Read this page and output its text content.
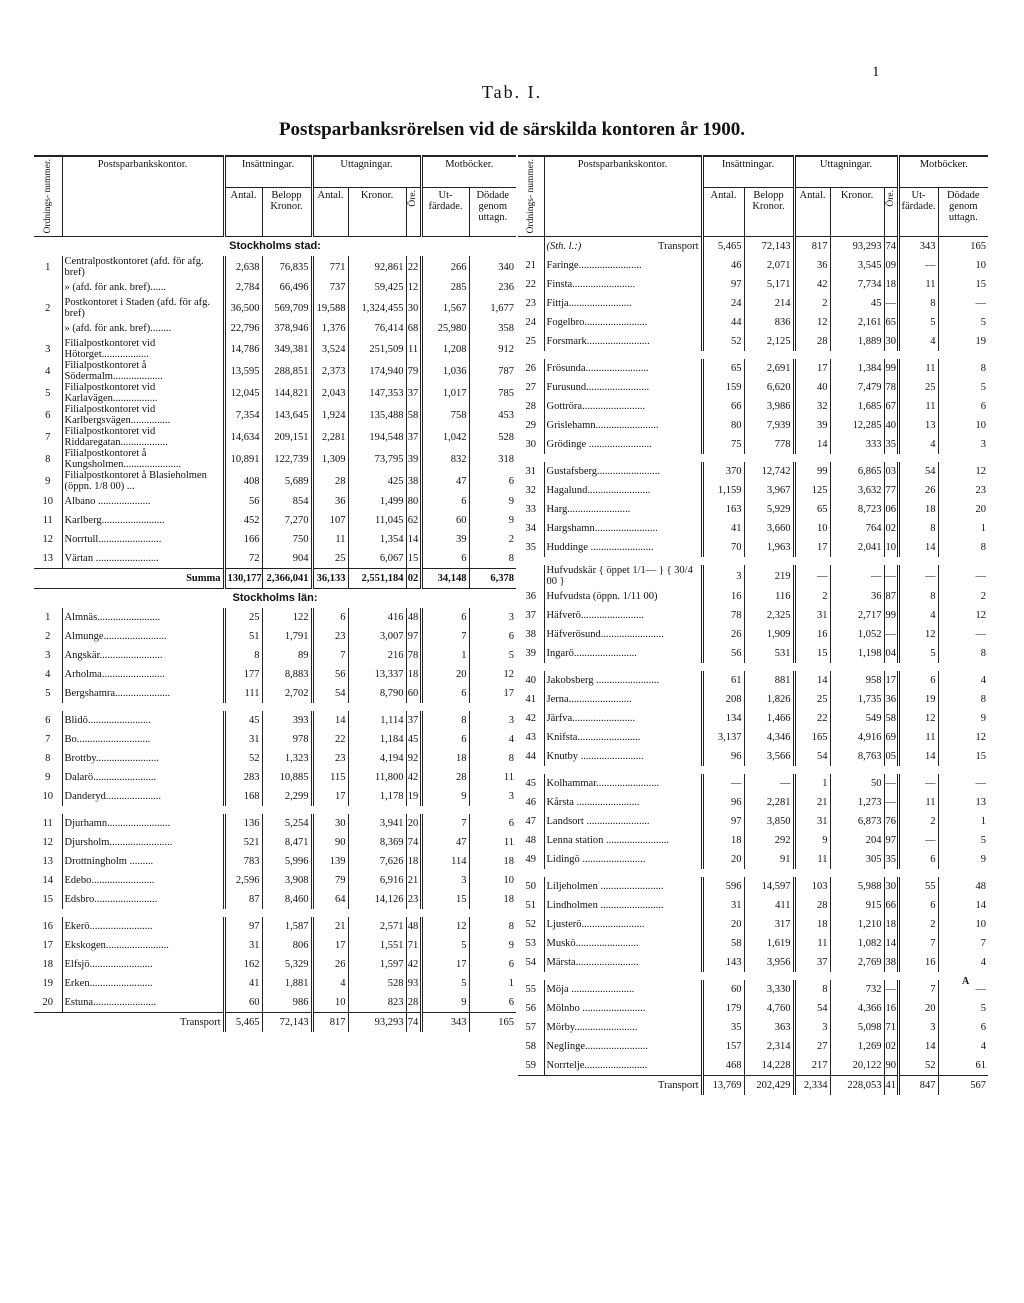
1
Tab. I.
Postsparbanksrörelsen vid de särskilda kontoren år 1900.
Ordnings- nummer.	Postsparbankskontor.	Insättningar.		Uttagningar.			Motböcker.	
		Antal.	Belopp Kronor.	Antal.	Kronor.	Öre.	Ut- färdade.	Dödade genom uttagn.
Stockholms stad:								
1	Centralpostkontoret (afd. för afg. bref)	2,638	76,835	771	92,861	22	266	340
	» (afd. för ank. bref)......	2,784	66,496	737	59,425	12	285	236
2	Postkontoret i Staden (afd. för afg. bref)	36,500	569,709	19,588	1,324,455	30	1,567	1,677
	» (afd. för ank. bref)........	22,796	378,946	1,376	76,414	68	25,980	358
3	Filialpostkontoret vid Hötorget..................	14,786	349,381	3,524	251,509	11	1,208	912
4	Filialpostkontoret å Södermalm...................	13,595	288,851	2,373	174,940	79	1,036	787
5	Filialpostkontoret vid Karlavägen.................	12,045	144,821	2,043	147,353	37	1,017	785
6	Filialpostkontoret vid Karlbergsvägen...............	7,354	143,645	1,924	135,488	58	758	453
7	Filialpostkontoret vid Riddaregatan..................	14,634	209,151	2,281	194,548	37	1,042	528
8	Filialpostkontoret å Kungsholmen......................	10,891	122,739	1,309	73,795	39	832	318
9	Filialpostkontoret å Blasieholmen (öppn. 1/8 00) ...	408	5,689	28	425	38	47	6
10	Albano ....................	56	854	36	1,499	80	6	9
11	Karlberg........................	452	7,270	107	11,045	62	60	9
12	Norrtull........................	166	750	11	1,354	14	39	2
13	Värtan ........................	72	904	25	6,067	15	6	8
Summa		130,177	2,366,041	36,133	2,551,184	02	34,148	6,378
Stockholms län:								
1	Almnäs........................	25	122	6	416	48	6	3
2	Almunge........................	51	1,791	23	3,007	97	7	6
3	Angskär........................	8	89	7	216	78	1	5
4	Arholma........................	177	8,883	56	13,337	18	20	12
5	Bergshamra.....................	111	2,702	54	8,790	60	6	17

6	Blidö........................	45	393	14	1,114	37	8	3
7	Bo............................	31	978	22	1,184	45	6	4
8	Brottby........................	52	1,323	23	4,194	92	18	8
9	Dalarö........................	283	10,885	115	11,800	42	28	11
10	Danderyd.....................	168	2,299	17	1,178	19	9	3

11	Djurhamn........................	136	5,254	30	3,941	20	7	6
12	Djursholm........................	521	8,471	90	8,369	74	47	11
13	Drottningholm .........	783	5,996	139	7,626	18	114	18
14	Edebo........................	2,596	3,908	79	6,916	21	3	10
15	Edsbro........................	87	8,460	64	14,126	23	15	18

16	Ekerö........................	97	1,587	21	2,571	48	12	8
17	Ekskogen........................	31	806	17	1,551	71	5	9
18	Elfsjö........................	162	5,329	26	1,597	42	17	6
19	Erken........................	41	1,881	4	528	93	5	1
20	Estuna........................	60	986	10	823	28	9	6
Transport		5,465	72,143	817	93,293	74	343	165
Ordnings- nummer.	Postsparbankskontor.	Insättningar.		Uttagningar.			Motböcker.	
		Antal.	Belopp Kronor.	Antal.	Kronor.	Öre.	Ut- färdade.	Dödade genom uttagn.
	(Sth. l.:) Transport	5,465	72,143	817	93,293	74	343	165
21	Faringe........................	46	2,071	36	3,545	09	—	10
22	Finsta........................	97	5,171	42	7,734	18	11	15
23	Fittja........................	24	214	2	45	—	8	—
24	Fogelbro........................	44	836	12	2,161	65	5	5
25	Forsmark........................	52	2,125	28	1,889	30	4	19

26	Frösunda........................	65	2,691	17	1,384	99	11	8
27	Furusund........................	159	6,620	40	7,479	78	25	5
28	Gottröra........................	66	3,986	32	1,685	67	11	6
29	Grislehamn........................	80	7,939	39	12,285	40	13	10
30	Grödinge ........................	75	778	14	333	35	4	3

31	Gustafsberg........................	370	12,742	99	6,865	03	54	12
32	Hagalund........................	1,159	3,967	125	3,632	77	26	23
33	Harg........................	163	5,929	65	8,723	06	18	20
34	Hargshamn........................	41	3,660	10	764	02	8	1
35	Huddinge ........................	70	1,963	17	2,041	10	14	8

	Hufvudskär { öppet 1/1— } { 30/4 00 }	3	219	—	—	—	—	—
36	Hufvudsta (öppn. 1/11 00)	16	116	2	36	87	8	2
37	Häfverö........................	78	2,325	31	2,717	99	4	12
38	Häfverösund........................	26	1,909	16	1,052	—	12	—
39	Ingarö........................	56	531	15	1,198	04	5	8

40	Jakobsberg ........................	61	881	14	958	17	6	4
41	Jerna........................	208	1,826	25	1,735	36	19	8
42	Järfva........................	134	1,466	22	549	58	12	9
43	Knifsta........................	3,137	4,346	165	4,916	69	11	12
44	Knutby ........................	96	3,566	54	8,763	05	14	15

45	Kolhammar........................	—	—	1	50	—	—	—
46	Kårsta ........................	96	2,281	21	1,273	—	11	13
47	Landsort ........................	97	3,850	31	6,873	76	2	1
48	Lenna station ........................	18	292	9	204	97	—	5
49	Lidingö ........................	20	91	11	305	35	6	9

50	Liljeholmen ........................	596	14,597	103	5,988	30	55	48
51	Lindholmen ........................	31	411	28	915	66	6	14
52	Ljusterö........................	20	317	18	1,210	18	2	10
53	Muskö........................	58	1,619	11	1,082	14	7	7
54	Märsta........................	143	3,956	37	2,769	38	16	4

55	Möja ........................	60	3,330	8	732	—	7	—
56	Mölnbo ........................	179	4,760	54	4,366	16	20	5
57	Mörby........................	35	363	3	5,098	71	3	6
58	Neglinge........................	157	2,314	27	1,269	02	14	4
59	Norrtelje........................	468	14,228	217	20,122	90	52	61
Transport		13,769	202,429	2,334	228,053	41	847	567
A
